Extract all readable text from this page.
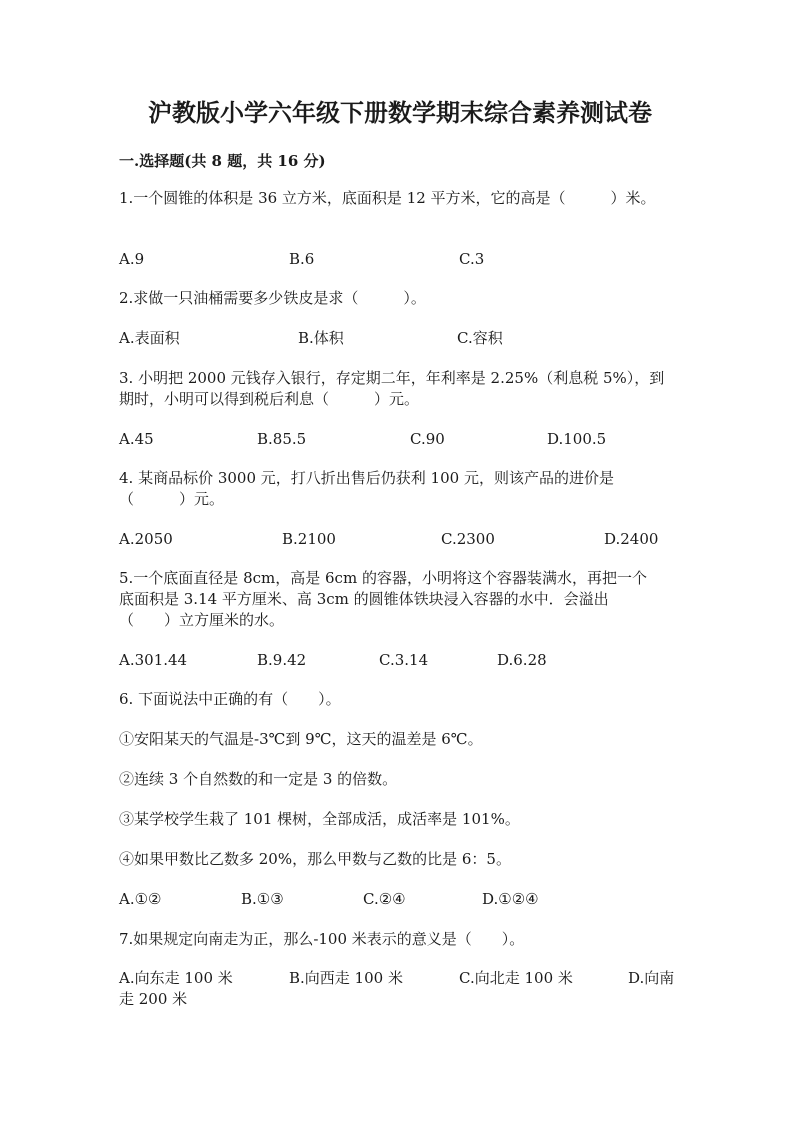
沪教版小学六年级下册数学期末综合素养测试卷
一.选择题(共 8 题，共 16 分)
1.一个圆锥的体积是 36 立方米，底面积是 12 平方米，它的高是（　　　）米。
A.9	B.6	C.3
2.求做一只油桶需要多少铁皮是求（　　　）。
A.表面积	B.体积	C.容积
3. 小明把 2000 元钱存入银行，存定期二年，年利率是 2.25%（利息税 5%），到
期时，小明可以得到税后利息（　　　）元。
A.45	B.85.5	C.90	D.100.5
4. 某商品标价 3000 元，打八折出售后仍获利 100 元，则该产品的进价是
（　　　）元。
A.2050	B.2100	C.2300	D.2400
5.一个底面直径是 8cm，高是 6cm 的容器，小明将这个容器装满水，再把一个
底面积是 3.14 平方厘米、高 3cm 的圆锥体铁块浸入容器的水中．会溢出
（　　）立方厘米的水。
A.301.44	B.9.42	C.3.14	D.6.28
6. 下面说法中正确的有（　　）。
①安阳某天的气温是-3℃到 9℃，这天的温差是 6℃。
②连续 3 个自然数的和一定是 3 的倍数。
③某学校学生栽了 101 棵树，全部成活，成活率是 101%。
④如果甲数比乙数多 20%，那么甲数与乙数的比是 6：5。
A.①②	B.①③	C.②④	D.①②④
7.如果规定向南走为正，那么-100 米表示的意义是（　　）。
A.向东走 100 米	B.向西走 100 米	C.向北走 100 米	D.向南
走 200 米
